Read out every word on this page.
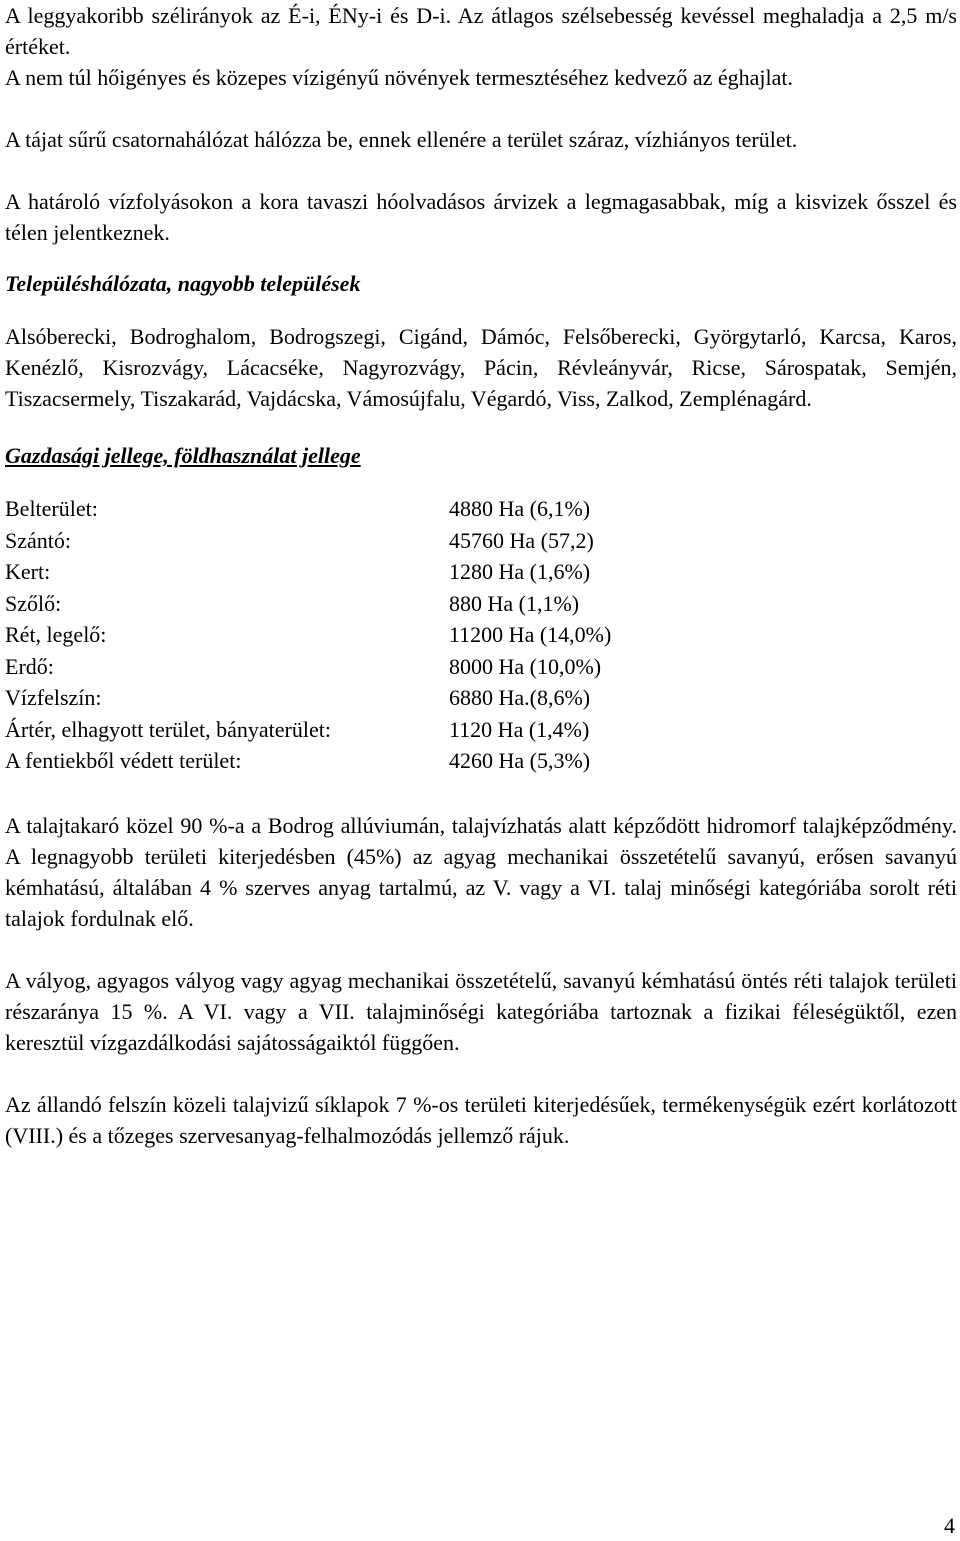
A leggyakoribb szélirányok az É-i, ÉNy-i és D-i. Az átlagos szélsebesség kevéssel meghaladja a 2,5 m/s értéket.

A nem túl hőigényes és közepes vízigényű növények termesztéséhez kedvező az éghajlat.

A tájat sűrű csatornahálózat hálózza be, ennek ellenére a terület száraz, vízhiányos terület.

A határoló vízfolyásokon a kora tavaszi hóolvadásos árvizek a legmagasabbak, míg a kisvizek ősszel és télen jelentkeznek.

Településhálózata, nagyobb települések

Alsóberecki, Bodroghalom, Bodrogszegi, Cigánd, Dámóc, Felsőberecki, Györgytarló, Karcsa, Karos, Kenézlő, Kisrozvágy, Lácacséke, Nagyrozvágy, Pácin, Révleányvár, Ricse, Sárospatak, Semjén, Tiszacsermely, Tiszakarád, Vajdácska, Vámosújfalu, Végardó, Viss, Zalkod, Zemplénagárd.

Gazdasági jellege, földhasználat jellege

Belterület:	4880 Ha (6,1%)
Szántó:	45760 Ha (57,2)
Kert:	1280 Ha (1,6%)
Szőlő:	880 Ha (1,1%)
Rét, legelő:	11200 Ha (14,0%)
Erdő:	8000 Ha (10,0%)
Vízfelszín:	6880 Ha.(8,6%)
Ártér, elhagyott terület, bányaterület:	1120 Ha (1,4%)
A fentiekből védett terület:	4260 Ha (5,3%)

A talajtakaró közel 90 %-a a Bodrog allúviumán, talajvízhatás alatt képződött hidromorf talajképződmény. A legnagyobb területi kiterjedésben (45%) az agyag mechanikai összetételű savanyú, erősen savanyú kémhatású, általában 4 % szerves anyag tartalmú, az V. vagy a VI. talaj minőségi kategóriába sorolt réti talajok fordulnak elő.

A vályog, agyagos vályog vagy agyag mechanikai összetételű, savanyú kémhatású öntés réti talajok területi részaránya 15 %. A VI. vagy a VII. talajminőségi kategóriába tartoznak a fizikai féleségüktől, ezen keresztül vízgazdálkodási sajátosságaiktól függően.

Az állandó felszín közeli talajvizű síklapok 7 %-os területi kiterjedésűek, termékenységük ezért korlátozott (VIII.) és a tőzeges szervesanyag-felhalmozódás jellemző rájuk.

4
